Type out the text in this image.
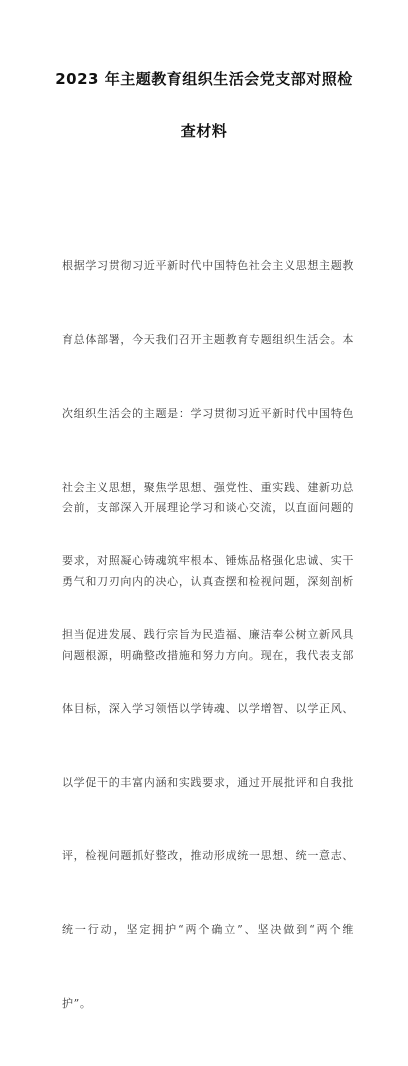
2023 年主题教育组织生活会党支部对照检
查材料

根据学习贯彻习近平新时代中国特色社会主义思想主题教

育总体部署，今天我们召开主题教育专题组织生活会。本

次组织生活会的主题是：学习贯彻习近平新时代中国特色

社会主义思想，聚焦学思想、强党性、重实践、建新功总

要求，对照凝心铸魂筑牢根本、锤炼品格强化忠诚、实干

担当促进发展、践行宗旨为民造福、廉洁奉公树立新风具

体目标，深入学习领悟以学铸魂、以学增智、以学正风、

以学促干的丰富内涵和实践要求，通过开展批评和自我批

评，检视问题抓好整改，推动形成统一思想、统一意志、

统一行动，坚定拥护“两个确立”、坚决做到“两个维

护”。

会前，支部深入开展理论学习和谈心交流，以直面问题的

勇气和刀刃向内的决心，认真查摆和检视问题，深刻剖析

问题根源，明确整改措施和努力方向。现在，我代表支部
